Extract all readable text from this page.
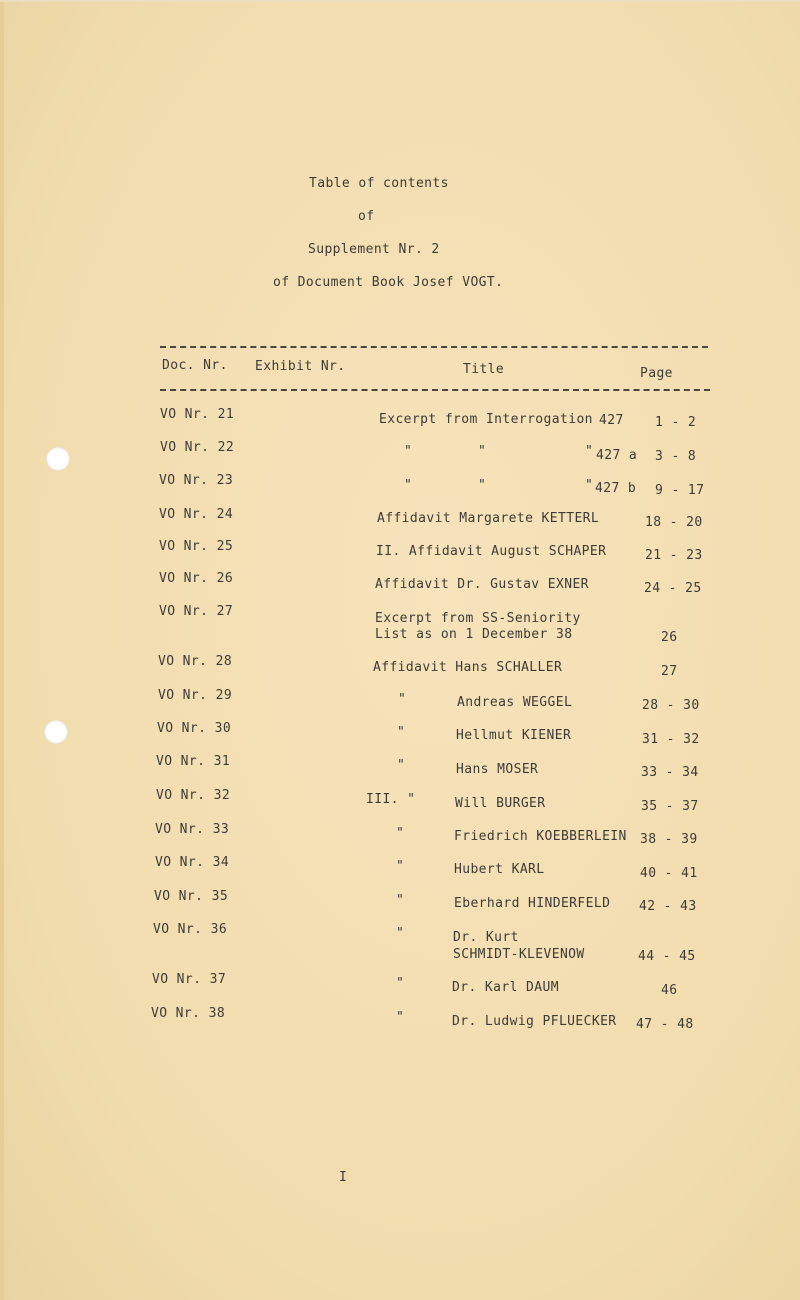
Table of contents
of
Supplement Nr. 2
of Document Book Josef VOGT.
Doc. Nr. Exhibit Nr.	Title	Page
VO Nr. 21	Excerpt from Interrogation 427 1 - 2
VO Nr. 22	"        "            " 427 a 3 - 8
VO Nr. 23	"        "            " 427 b 9 - 17
VO Nr. 24	Affidavit Margarete KETTERL	18 - 20
VO Nr. 25	II. Affidavit August SCHAPER	21 - 23
VO Nr. 26	Affidavit Dr. Gustav EXNER	24 - 25
VO Nr. 27	Excerpt from SS-Seniority
List as on 1 December 38	26
VO Nr. 28	Affidavit Hans SCHALLER	27
VO Nr. 29	"	Andreas WEGGEL	28 - 30
VO Nr. 30	"	Hellmut KIENER	31 - 32
VO Nr. 31	"	Hans MOSER	33 - 34
VO Nr. 32	III. "	Will BURGER	35 - 37
VO Nr. 33	"	Friedrich KOEBBERLEIN 38 - 39
VO Nr. 34	"	Hubert KARL	40 - 41
VO Nr. 35	"	Eberhard HINDERFELD 42 - 43
VO Nr. 36	"	Dr. Kurt
SCHMIDT-KLEVENOW	44 - 45
VO Nr. 37	"	Dr. Karl DAUM	46
VO Nr. 38	"	Dr. Ludwig PFLUECKER 47 - 48
I
